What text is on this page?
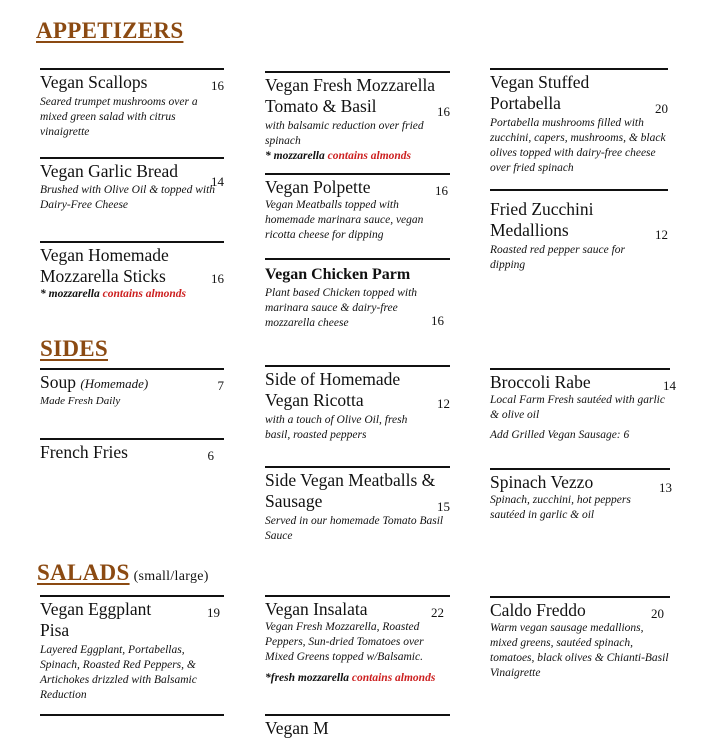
APPETIZERS
SIDES
SALADS (small/large)
Vegan Scallops	16
Seared trumpet mushrooms over a mixed green salad with citrus vinaigrette
Vegan Garlic Bread
14
Brushed with Olive Oil & topped with Dairy-Free Cheese
Vegan Homemade Mozzarella Sticks	16
* mozzarella contains almonds
Soup (Homemade)	7
Made Fresh Daily
French Fries	6
Vegan Eggplant Pisa
19
Layered Eggplant, Portabellas, Spinach, Roasted Red Peppers, & Artichokes drizzled with Balsamic Reduction
Vegan Fresh Mozzarella Tomato & Basil	16
with balsamic reduction over fried spinach
* mozzarella contains almonds
Vegan Polpette	16
Vegan Meatballs topped with homemade marinara sauce, vegan ricotta cheese for dipping
Vegan Chicken Parm
Plant based Chicken topped with marinara sauce & dairy-free mozzarella cheese	16
Side of Homemade Vegan Ricotta	12
with a touch of Olive Oil, fresh basil, roasted peppers
Side Vegan Meatballs & Sausage	15
Served in our homemade Tomato Basil Sauce
Vegan Insalata	22
Vegan Fresh Mozzarella, Roasted Peppers, Sun-dried Tomatoes over Mixed Greens topped w/Balsamic.
*fresh mozzarella contains almonds
Vegan M
Vegan Stuffed Portabella	20
Portabella mushrooms filled with zucchini, capers, mushrooms, & black olives topped with dairy-free cheese over fried spinach
Fried Zucchini Medallions	12
Roasted red pepper sauce for dipping
Broccoli Rabe	14
Local Farm Fresh sautéed with garlic & olive oil
Add Grilled Vegan Sausage: 6
Spinach Vezzo	13
Spinach, zucchini, hot peppers sautéed in garlic & oil
Caldo Freddo	20
Warm vegan sausage medallions, mixed greens, sautéed spinach, tomatoes, black olives & Chianti-Basil Vinaigrette
